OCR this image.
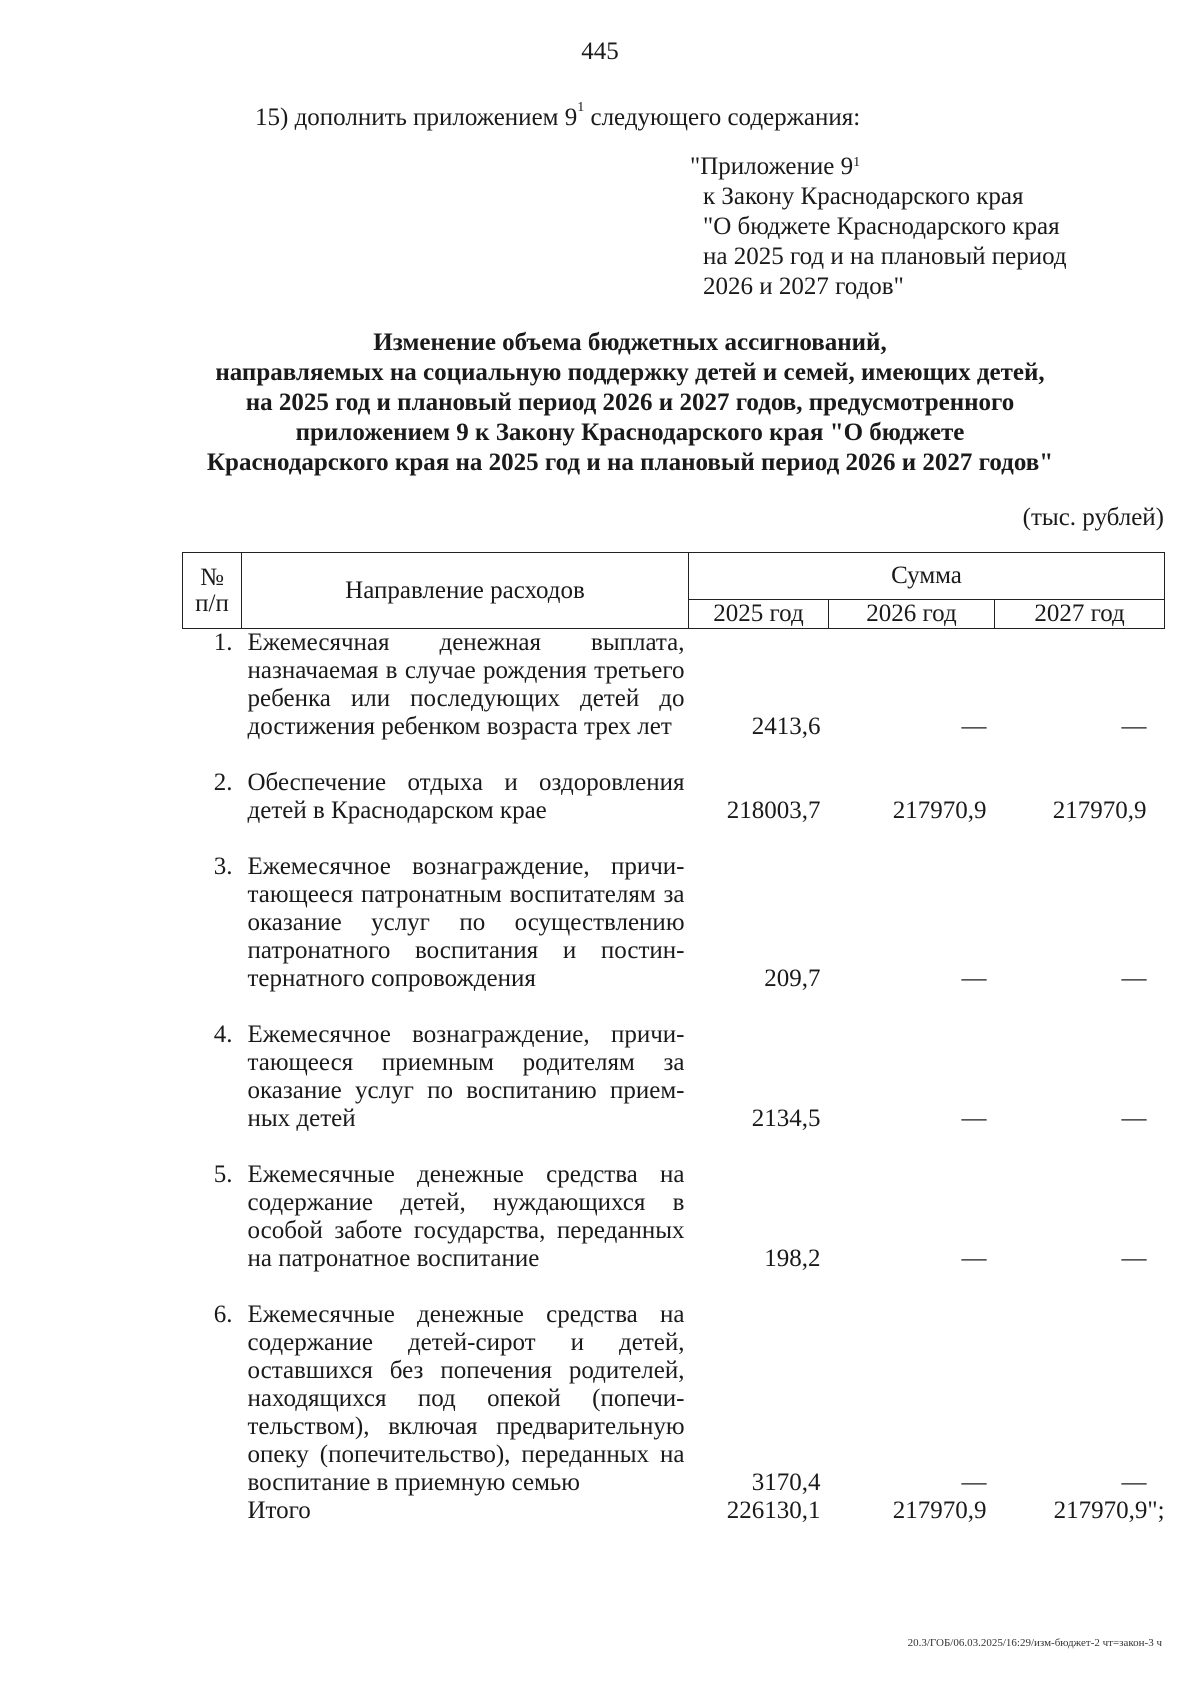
445
15) дополнить приложением $9^1$ следующего содержания:
"Приложение $9^1$
к Закону Краснодарского края
"О бюджете Краснодарского края
на 2025 год и на плановый период
2026 и 2027 годов"
Изменение объема бюджетных ассигнований,
направляемых на социальную поддержку детей и семей, имеющих детей,
на 2025 год и плановый период 2026 и 2027 годов, предусмотренного
приложением 9 к Закону Краснодарского края "О бюджете
Краснодарского края на 2025 год и на плановый период 2026 и 2027 годов"
(тыс. рублей)
№
п/п	Направление расходов	Сумма		
		2025 год	2026 год	2027 год
1.	Ежемесячная денежная выплата, назначаемая в случае рождения третьего ребенка или последующих детей до достижения ребенком возраста трех лет	2413,6	—	—

2.	Обеспечение отдыха и оздоровления детей в Краснодарском крае	218003,7	217970,9	217970,9

3.	Ежемесячное вознаграждение, причитающееся патронатным воспитателям за оказание услуг по осуществлению патронатного воспитания и постинтернатного сопровождения	209,7	—	—

4.	Ежемесячное вознаграждение, причитающееся приемным родителям за оказание услуг по воспитанию приемных детей	2134,5	—	—

5.	Ежемесячные денежные средства на содержание детей, нуждающихся в особой заботе государства, переданных на патронатное воспитание	198,2	—	—

6.	Ежемесячные денежные средства на содержание детей-сирот и детей, оставшихся без попечения родителей, находящихся под опекой (попечительством), включая предварительную опеку (попечительство), переданных на воспитание в приемную семью	3170,4	—	—
	Итого	226130,1	217970,9	217970,9";
20.3/ГОБ/06.03.2025/16:29/изм-бюджет-2 чт=закон-3 ч
